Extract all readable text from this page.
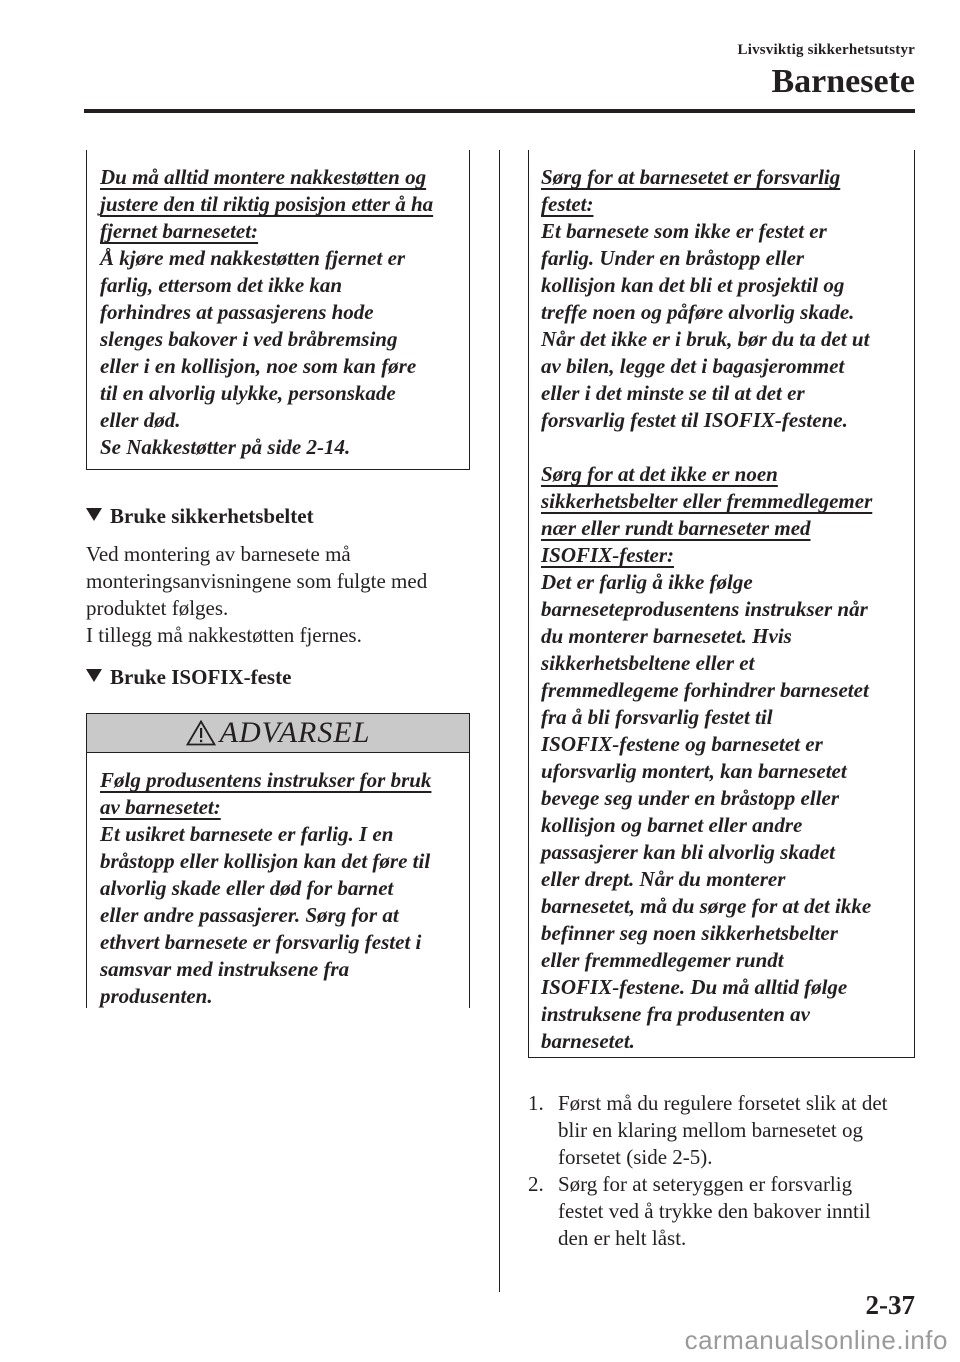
Livsviktig sikkerhetsutstyr
Barnesete

Du må alltid montere nakkestøtten og

justere den til riktig posisjon etter å ha

fjernet barnesetet:

Å kjøre med nakkestøtten fjernet er

farlig, ettersom det ikke kan

forhindres at passasjerens hode

slenges bakover i ved bråbremsing

eller i en kollisjon, noe som kan føre

til en alvorlig ulykke, personskade

eller død.

Se Nakkestøtter på side 2-14.

Bruke sikkerhetsbeltet
Ved montering av barnesete må
monteringsanvisningene som fulgte med
produktet følges.
I tillegg må nakkestøtten fjernes.
Bruke ISOFIX-feste
ADVARSEL

Følg produsentens instrukser for bruk

av barnesetet:

Et usikret barnesete er farlig. I en

bråstopp eller kollisjon kan det føre til

alvorlig skade eller død for barnet

eller andre passasjerer. Sørg for at

ethvert barnesete er forsvarlig festet i

samsvar med instruksene fra

produsenten.

Sørg for at barnesetet er forsvarlig

festet:

Et barnesete som ikke er festet er

farlig. Under en bråstopp eller

kollisjon kan det bli et prosjektil og

treffe noen og påføre alvorlig skade.

Når det ikke er i bruk, bør du ta det ut

av bilen, legge det i bagasjerommet

eller i det minste se til at det er

forsvarlig festet til ISOFIX-festene.

Sørg for at det ikke er noen

sikkerhetsbelter eller fremmedlegemer

nær eller rundt barneseter med

ISOFIX-fester:

Det er farlig å ikke følge

barneseteprodusentens instrukser når

du monterer barnesetet. Hvis

sikkerhetsbeltene eller et

fremmedlegeme forhindrer barnesetet

fra å bli forsvarlig festet til

ISOFIX-festene og barnesetet er

uforsvarlig montert, kan barnesetet

bevege seg under en bråstopp eller

kollisjon og barnet eller andre

passasjerer kan bli alvorlig skadet

eller drept. Når du monterer

barnesetet, må du sørge for at det ikke

befinner seg noen sikkerhetsbelter

eller fremmedlegemer rundt

ISOFIX-festene. Du må alltid følge

instruksene fra produsenten av

barnesetet.

1. Først må du regulere forsetet slik at det
blir en klaring mellom barnesetet og
forsetet (side 2-5).
2. Sørg for at seteryggen er forsvarlig
festet ved å trykke den bakover inntil
den er helt låst.
2-37
carmanualsonline.info
